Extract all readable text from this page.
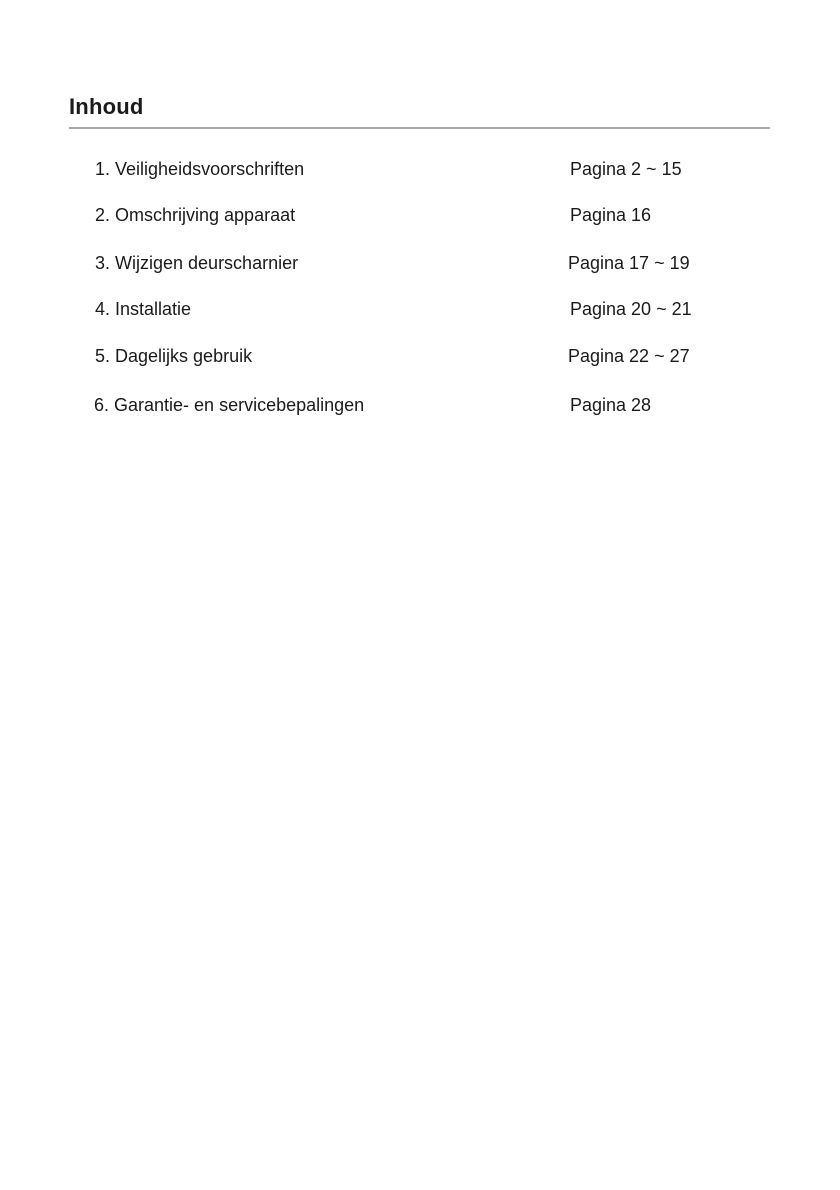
Inhoud
1. Veiligheidsvoorschriften	Pagina 2 ~ 15
2. Omschrijving apparaat	Pagina 16
3. Wijzigen deurscharnier	Pagina 17 ~ 19
4. Installatie	Pagina 20 ~ 21
5. Dagelijks gebruik	Pagina 22 ~ 27
6. Garantie- en servicebepalingen	Pagina 28
